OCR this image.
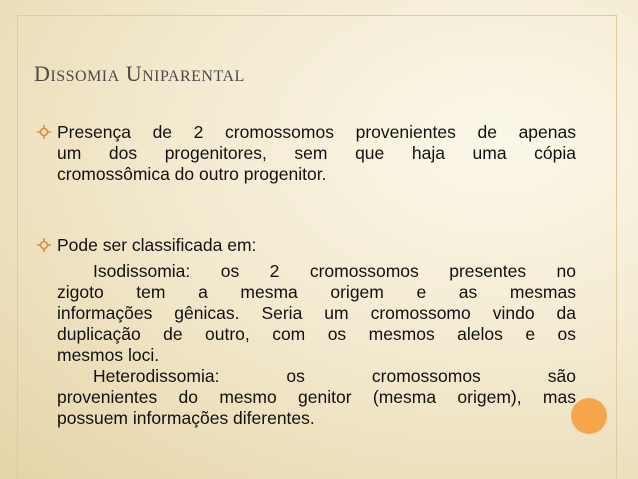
DISSOMIA UNIPARENTAL
Presença de 2 cromossomos provenientes de apenas
um dos progenitores, sem que haja uma cópia
cromossômica do outro progenitor.
Pode ser classificada em:
Isodissomia: os 2 cromossomos presentes no
zigoto tem a mesma origem e as mesmas
informações gênicas. Seria um cromossomo vindo da
duplicação de outro, com os mesmos alelos e os
mesmos loci.
Heterodissomia: os cromossomos são
provenientes do mesmo genitor (mesma origem), mas
possuem informações diferentes.
